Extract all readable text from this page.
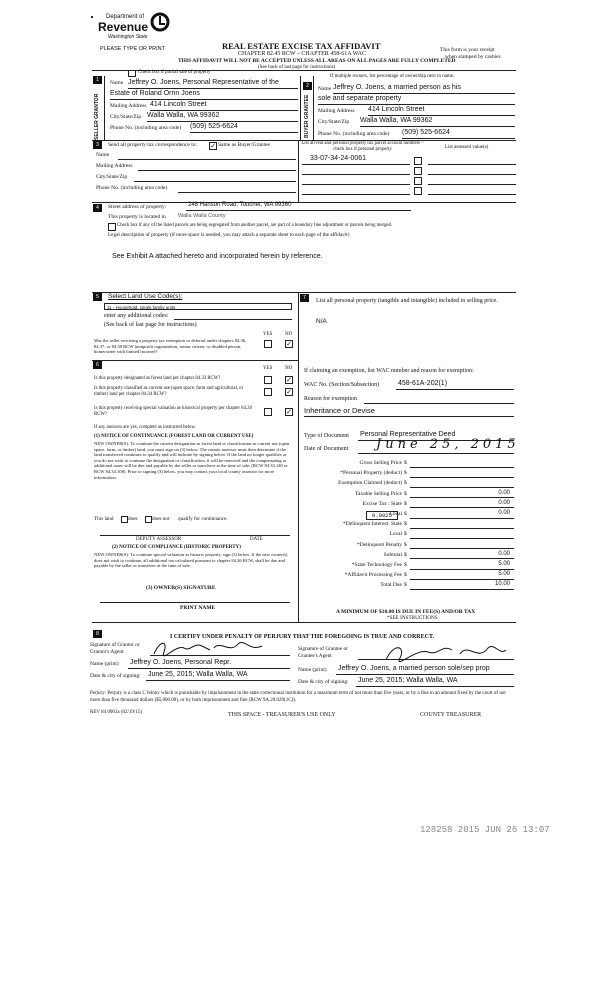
Department of
Revenue
Washington State
PLEASE TYPE OR PRINT	REAL ESTATE EXCISE TAX AFFIDAVIT
CHAPTER 82.45 RCW – CHAPTER 458-61A WAC
THIS AFFIDAVIT WILL NOT BE ACCEPTED UNLESS ALL AREAS ON ALL PAGES ARE FULLY COMPLETED
(See back of last page for instructions)
This form is your receipt
when stamped by cashier.
Check box if partial sale of property
If multiple owners, list percentage of ownership next to name.
1
SELLER GRANTOR
Name Jeffrey O. Joens, Personal Representative of the
Estate of Roland Orrin Joens
Mailing Address 414 Lincoln Street
City/State/Zip Walla Walla, WA 99362
Phone No. (including area code) (509) 525-6624
2
BUYER GRANTEE
Name Jeffrey O. Joens, a married person as his
sole and separate property
Mailing Address 414 Lincoln Street
City/State/Zip Walla Walla, WA 99362
Phone No. (including area code) (509) 525-6624
3	Send all property tax correspondence to: ✓ Same as Buyer/Grantee	List all real and personal property tax parcel account numbers – check box if personal property	List assessed value(s)
Name
Mailing Address
City/State/Zip
Phone No. (including area code)
33-07-34-24-0061
4	Street address of property:	248 Hanson Road, Touchet, WA 99360
This property is located in Walla Walla County
Check box if any of the listed parcels are being segregated from another parcel, are part of a boundary line adjustment or parcels being merged.
Legal description of property (if more space is needed, you may attach a separate sheet to each page of the affidavit)
See Exhibit A attached hereto and incorporated herein by reference.
5	Select Land Use Code(s):
11 - Household, single family units
enter any additional codes:
(See back of last page for instructions)
YES	NO
Was the seller receiving a property tax exemption or deferral under chapters 84.36, 84.37, or 84.38 RCW (nonprofit organization, senior citizen, or disabled person, homeowner with limited income)?
✓
7	List all personal property (tangible and intangible) included in selling price.
N/A
6
YES	NO
Is this property designated as forest land per chapter 84.33 RCW?	✓
Is this property classified as current use (open space, farm and agricultural, or timber) land per chapter 84.34 RCW?	✓
Is this property receiving special valuation as historical property per chapter 84.26 RCW?	✓
If any answers are yes, complete as instructed below.
(1) NOTICE OF CONTINUANCE (FOREST LAND OR CURRENT USE)
NEW OWNER(S): To continue the current designation as forest land or classification as current use (open space, farm, or timber) land, you must sign on (3) below. The county assessor must then determine if the land transferred continues to qualify and will indicate by signing below. If the land no longer qualifies or you do not wish to continue the designation or classification, it will be removed and the compensating or additional taxes will be due and payable by the seller or transferor at the time of sale. (RCW 84.33.140 or RCW 84.34.108). Prior to signing (3) below, you may contact your local county assessor for more information.
This land	does	does not qualify for continuance.
DEPUTY ASSESSOR	DATE
(2) NOTICE OF COMPLIANCE (HISTORIC PROPERTY)
NEW OWNER(S): To continue special valuation as historic property, sign (3) below. If the new owner(s) does not wish to continue, all additional tax calculated pursuant to chapter 84.26 RCW, shall be due and payable by the seller or transferor at the time of sale.
(3) OWNER(S) SIGNATURE
PRINT NAME
If claiming an exemption, list WAC number and reason for exemption:
WAC No. (Section/Subsection)	458-61A-202(1)
Reason for exemption
Inheritance or Devise
Type of Document Personal Representative Deed
Date of Document June 25, 2015
Gross Selling Price $
*Personal Property (deduct) $
Exemption Claimed (deduct) $
Taxable Selling Price $	0.00
Excise Tax : State $	0.00
Local $	0.00
*Delinquent Interest: State $
Local $
*Delinquent Penalty $
Subtotal $	0.00
*State Technology Fee $	5.00
*Affidavit Processing Fee $	5.00
Total Due $	10.00
0.0025
A MINIMUM OF $10.00 IS DUE IN FEE(S) AND/OR TAX
*SEE INSTRUCTIONS
8	I CERTIFY UNDER PENALTY OF PERJURY THAT THE FOREGOING IS TRUE AND CORRECT.
Signature of Grantor or Grantor's Agent
Name (print) Jeffrey O. Joens, Personal Repr.
Date & city of signing: June 25, 2015; Walla Walla, WA
Signature of Grantee or Grantee's Agent
Name (print) Jeffrey O. Joens, a married person sole/sep prop
Date & city of signing: June 25, 2015; Walla Walla, WA
Perjury: Perjury is a class C felony which is punishable by imprisonment in the state correctional institution for a maximum term of not more than five years, or by a fine in an amount fixed by the court of not more than five thousand dollars ($5,000.00), or by both imprisonment and fine (RCW 9A.20.020(1C)).
REV 84 0001a (02/19/15)	THIS SPACE - TREASURER'S USE ONLY	COUNTY TREASURER
128258 2015 JUN 26 13:07
